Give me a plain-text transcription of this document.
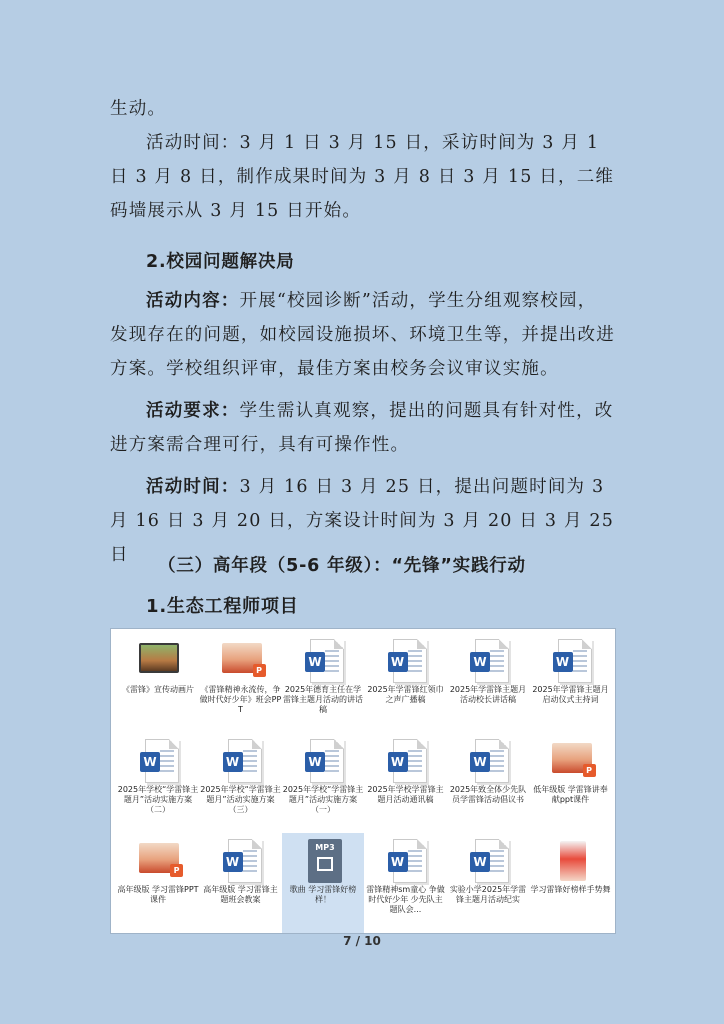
生动。

活动时间：3 月 1 日 3 月 15 日，采访时间为 3 月 1 日 3 月 8 日，制作成果时间为 3 月 8 日 3 月 15 日，二维码墙展示从 3 月 15 日开始。

2.校园问题解决局

活动内容：开展“校园诊断”活动，学生分组观察校园，发现存在的问题，如校园设施损坏、环境卫生等，并提出改进方案。学校组织评审，最佳方案由校务会议审议实施。

活动要求：学生需认真观察，提出的问题具有针对性，改进方案需合理可行，具有可操作性。

活动时间：3 月 16 日 3 月 25 日，提出问题时间为 3 月 16 日 3 月 20 日，方案设计时间为 3 月 20 日 3 月 25 日

（三）高年段（5-6 年级）：“先锋”实践行动
1.生态工程师项目
《雷锋》宣传动画片
P
《雷锋精神永流传，争做时代好少年》班会PPT
W
2025年德育主任在学雷锋主题月活动的讲话稿
W
2025年学雷锋红领巾之声广播稿
W
2025年学雷锋主题月活动校长讲话稿
W
2025年学雷锋主题月启动仪式主持词
W
2025年学校“学雷锋主题月”活动实施方案（二）
W
2025年学校“学雷锋主题月”活动实施方案（三）
W
2025年学校“学雷锋主题月”活动实施方案（一）
W
2025年学校学雷锋主题月活动通讯稿
W
2025年致全体少先队员学雷锋活动倡议书
P
低年级版 学雷锋讲奉献ppt课件
P
高年级版 学习雷锋PPT课件
W
高年级版 学习雷锋主题班会教案
MP3
歌曲 学习雷锋好榜样！
W
雷锋精神sm童心 争做时代好少年 少先队主题队会...
W
实验小学2025年学雷锋主题月活动纪实
学习雷锋好榜样手势舞
7 / 10
